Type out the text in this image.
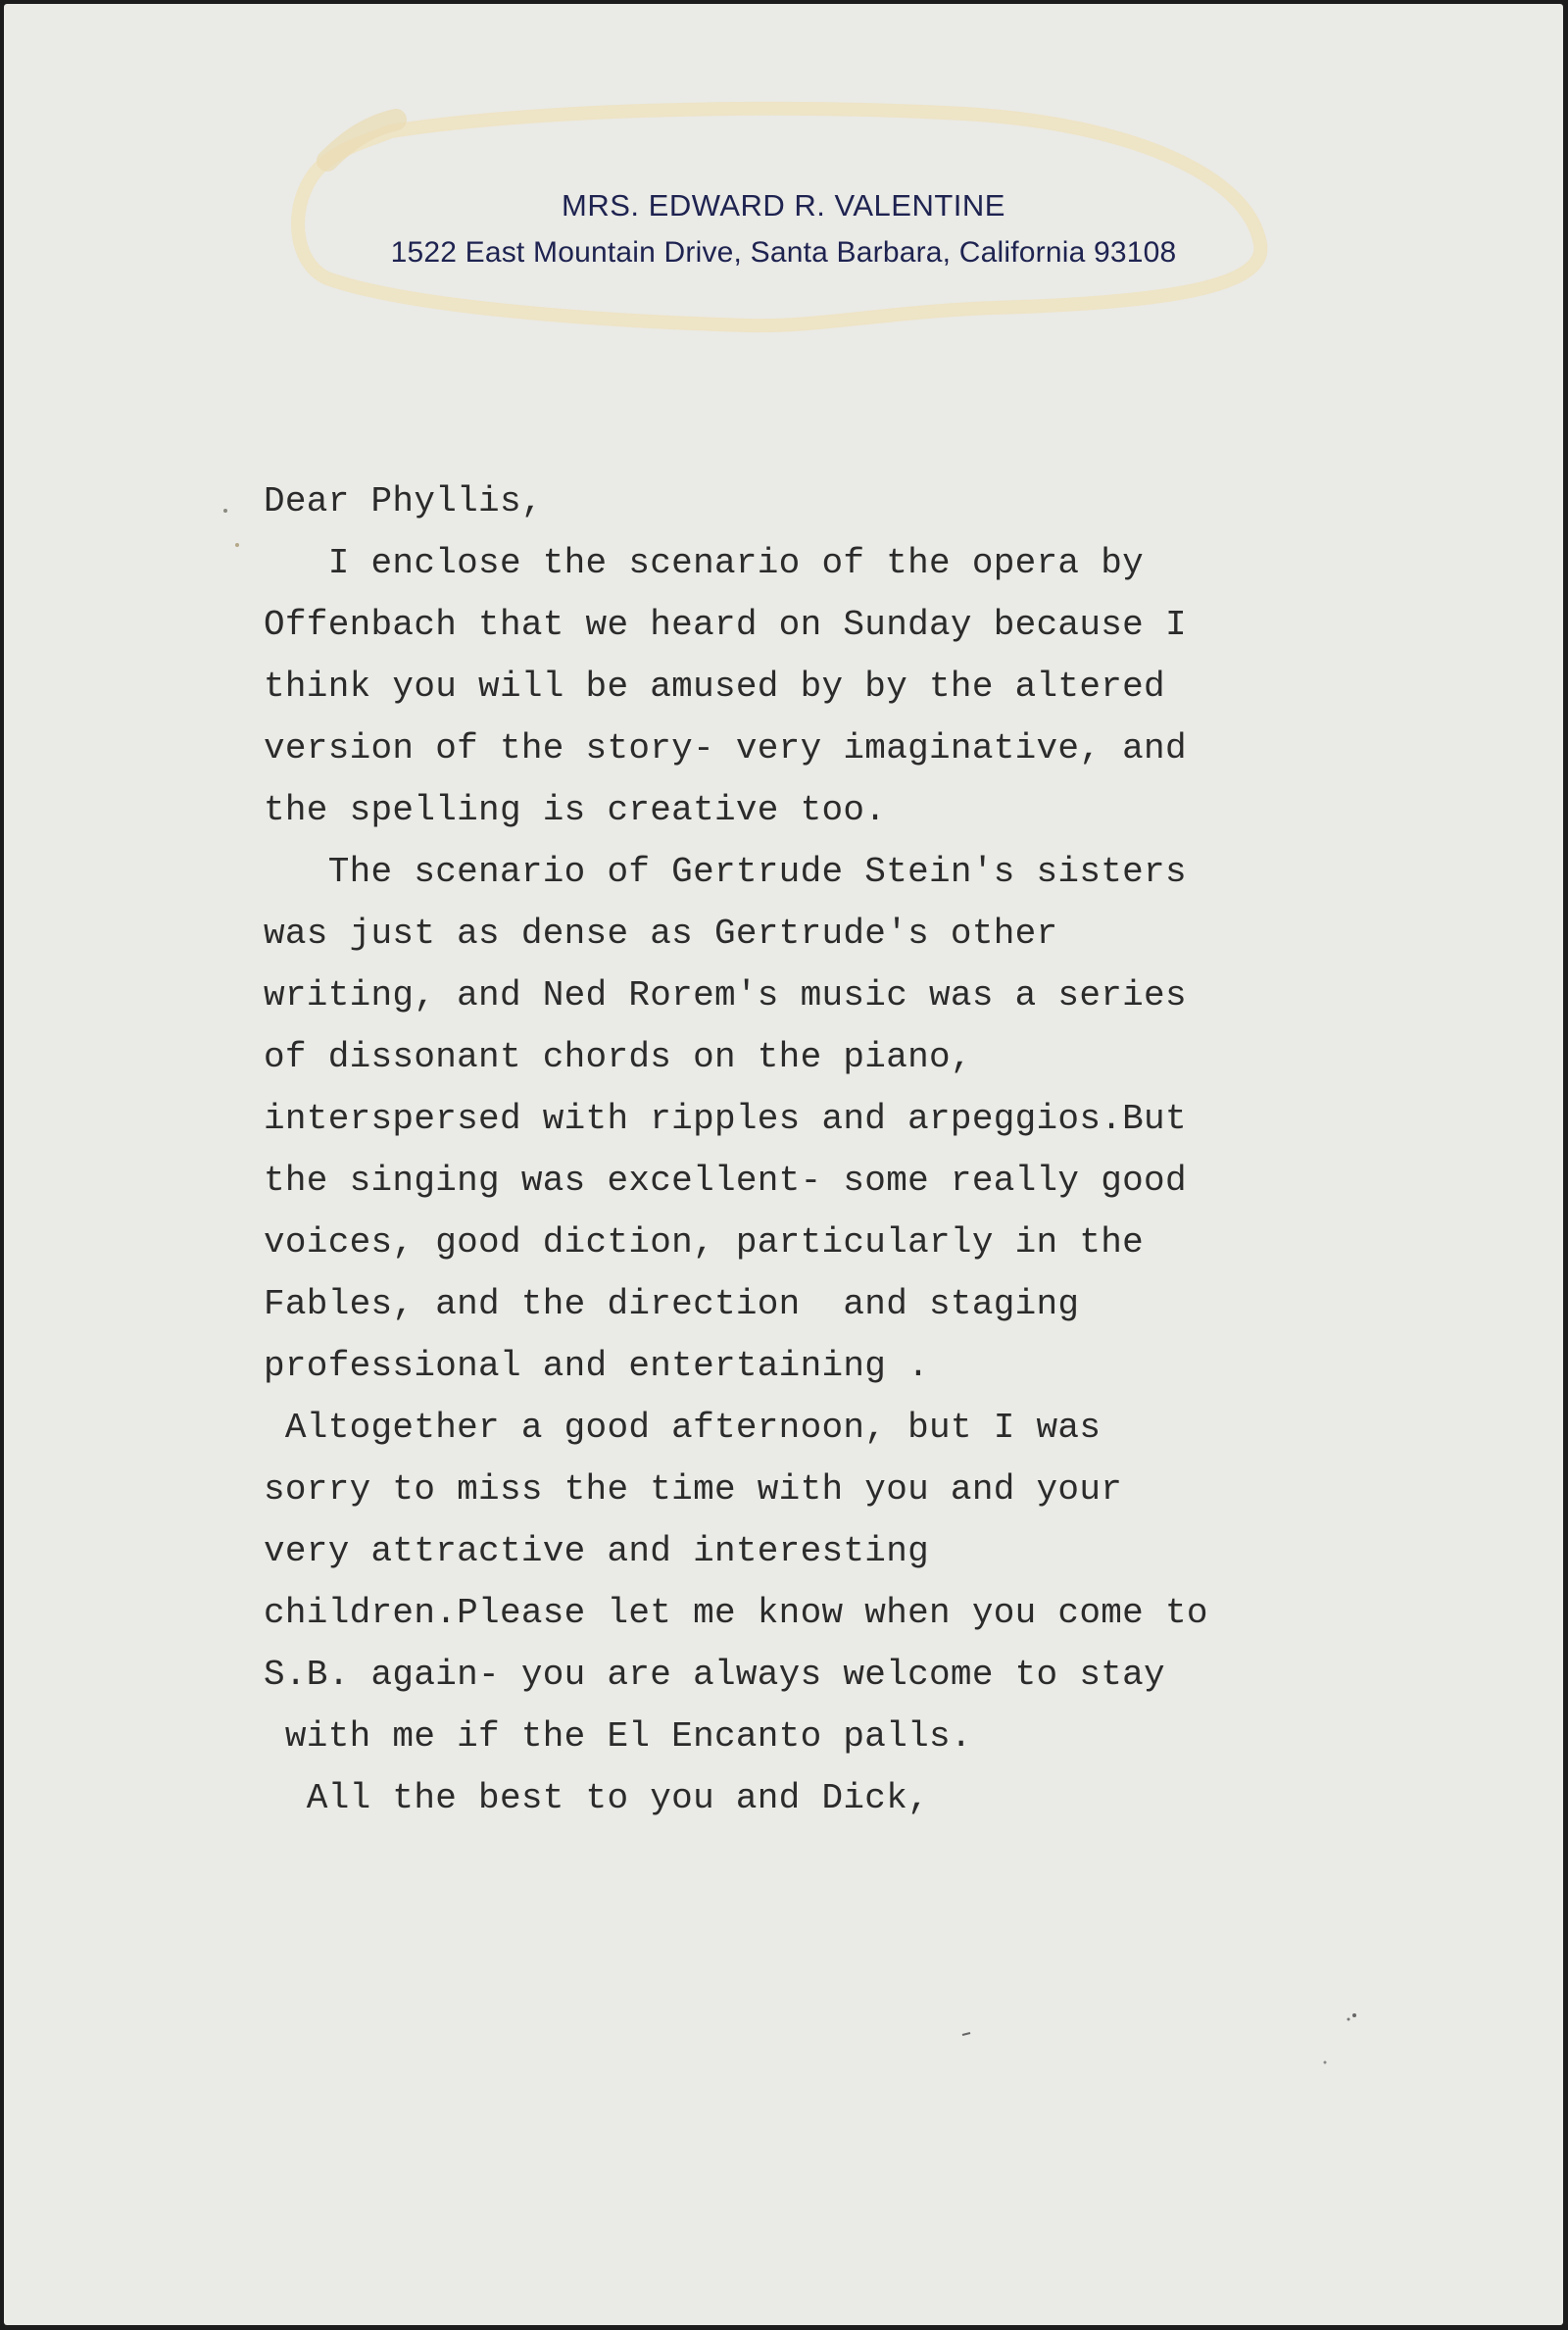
MRS. EDWARD R. VALENTINE
1522 East Mountain Drive, Santa Barbara, California 93108
Dear Phyllis,
I enclose the scenario of the opera by
Offenbach that we heard on Sunday because I
think you will be amused by by the altered
version of the story- very imaginative, and
the spelling is creative too.
The scenario of Gertrude Stein's sisters
was just as dense as Gertrude's other
writing, and Ned Rorem's music was a series
of dissonant chords on the piano,
interspersed with ripples and arpeggios.But
the singing was excellent- some really good
voices, good diction, particularly in the
Fables, and the direction  and staging
professional and entertaining .
Altogether a good afternoon, but I was
sorry to miss the time with you and your
very attractive and interesting
children.Please let me know when you come to
S.B. again- you are always welcome to stay
with me if the El Encanto palls.
All the best to you and Dick,
